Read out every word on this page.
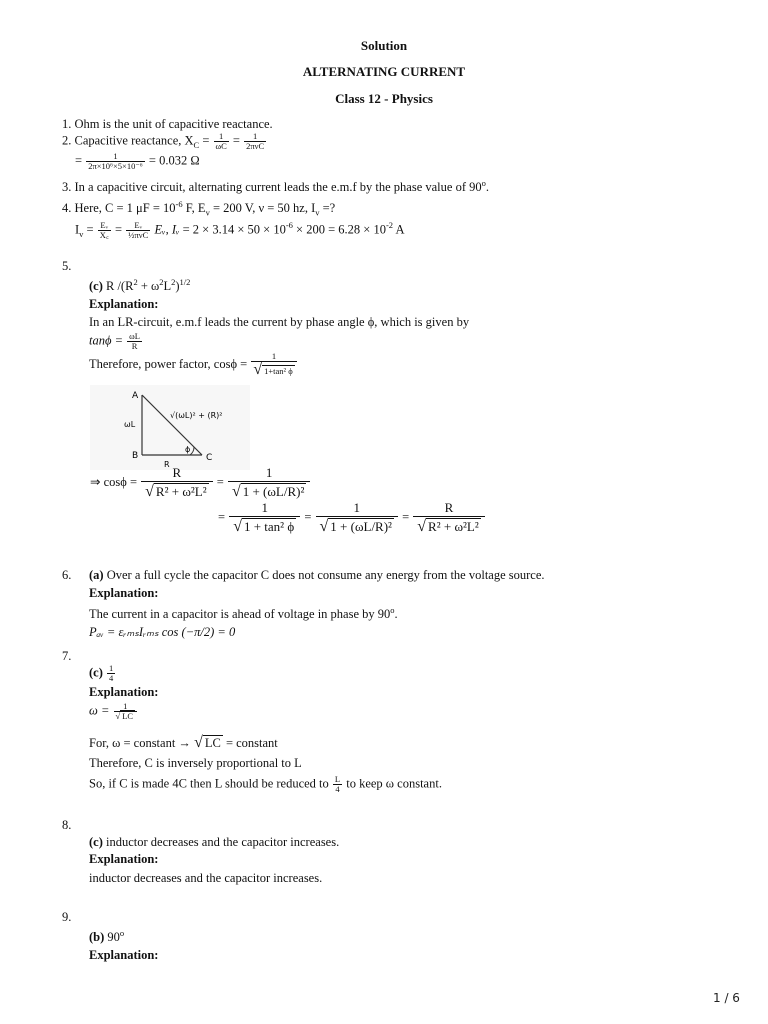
Solution
ALTERNATING CURRENT
Class 12 - Physics
1. Ohm is the unit of capacitive reactance.
2. Capacitive reactance, $X_C = \frac{1}{\omega C}$ =	1
2πνC
= $\frac{1}{\text{2π×10⁶×5×10⁻⁶}} = 0.032$ Ω
3. In a capacitive circuit, alternating current leads the e.m.f by the phase value of 90$^o$.
4. Here, C = 1 $\mu F = 10^{-6}$ F, $E_v = 200$ V, ν = 50 hz, $I_v$ =?
$I_v = \frac{\text{Eᵥ}}{X꜀}$ =	Eᵥ
½πνC Eᵥ, Iᵥ = $2 \times 3.14 \times 50 \times 10^{-6} \times 200 = 6.28 \times 10^{-2}$ A
5.
(c) R $/(R^2 + \omega^2L^2)^{1/2}$
Explanation:
In an LR-circuit, e.m.f leads the current by phase angle ϕ, which is given by
$\tan\phi = \frac{\omega L}{R}$
Therefore, power factor, $\cos\phi = \frac{1}{\text{√ 1+tan² ϕ}}$
A
B	C
ωL
R
√(ωL)² + (R)²
ϕ
⇒ $\cos\phi = \frac{R}{\text{√ R² + ω²L²}} = \frac{1}{\text{√ 1 + (ωL/R)²}}$
= $\frac{1}{\text{√ 1 + tan² ϕ}} = \frac{1}{\text{√ 1 + (ωL/R)²}} = \frac{R}{\text{√ R² + ω²L²}}$
6. (a) Over a full cycle the capacitor C does not consume any energy from the voltage source.
Explanation:
The current in a capacitor is ahead of voltage in phase by 90$^o$.
Pₐᵥ = εᵣₘₛIᵣₘₛ cos (−π/2) = 0
7.
$(c) \frac{1}{4}$
Explanation:
$\omega = \frac{1}{√ LC}$
For, ω = constant → √ LC = constant
Therefore, C is inversely proportional to L
So, if C is made 4C then L should be reduced to $\frac{L}{4}$ to keep ω constant.
8.
(c) inductor decreases and the capacitor increases.
Explanation:
inductor decreases and the capacitor increases.
9.
(b) 90$^o$
Explanation:
1 / 6
